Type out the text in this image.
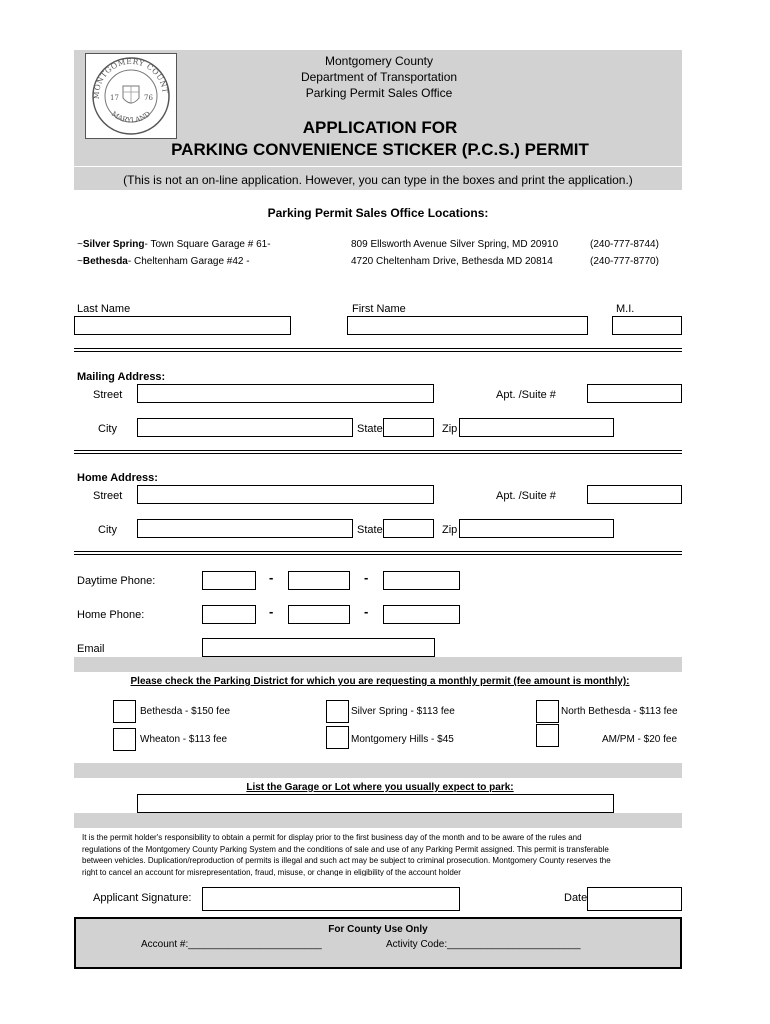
MONTGOMERY COUNT
MARYLAND
17	76
Montgomery County
Department of Transportation
Parking Permit Sales Office
APPLICATION FOR
PARKING CONVENIENCE STICKER (P.C.S.) PERMIT
(This is not an on-line application. However, you can type in the boxes and print the application.)
Parking Permit Sales Office Locations:
~Silver Spring- Town Square Garage # 61-	809 Ellsworth Avenue Silver Spring, MD 20910	(240-777-8744)
~Bethesda- Cheltenham Garage #42 -	4720 Cheltenham Drive, Bethesda MD 20814	(240-777-8770)
Last Name	First Name	M.I.
Mailing Address:
Street	Apt. /Suite #
City	State	Zip
Home Address:
Street	Apt. /Suite #
City	State	Zip
Daytime Phone:	-	-
Home Phone:	-	-
Email
Please check the Parking District for which you are requesting a monthly permit (fee amount is monthly):
Bethesda - $150 fee	Silver Spring - $113 fee	North Bethesda - $113 fee
Wheaton - $113 fee	Montgomery Hills - $45	AM/PM - $20 fee
List the Garage or Lot where you usually expect to park:
It is the permit holder's responsibility to obtain a permit for display prior to the first business day of the month and to be aware of the rules and
regulations of the Montgomery County Parking System and the conditions of sale and use of any Parking Permit assigned. This permit is transferable
between vehicles. Duplication/reproduction of permits is illegal and such act may be subject to criminal prosecution. Montgomery County reserves the
right to cancel an account for misrepresentation, fraud, misuse, or change in eligibility of the account holder
Applicant Signature:	Date
For County Use Only
Account #:________________________	Activity Code:________________________
